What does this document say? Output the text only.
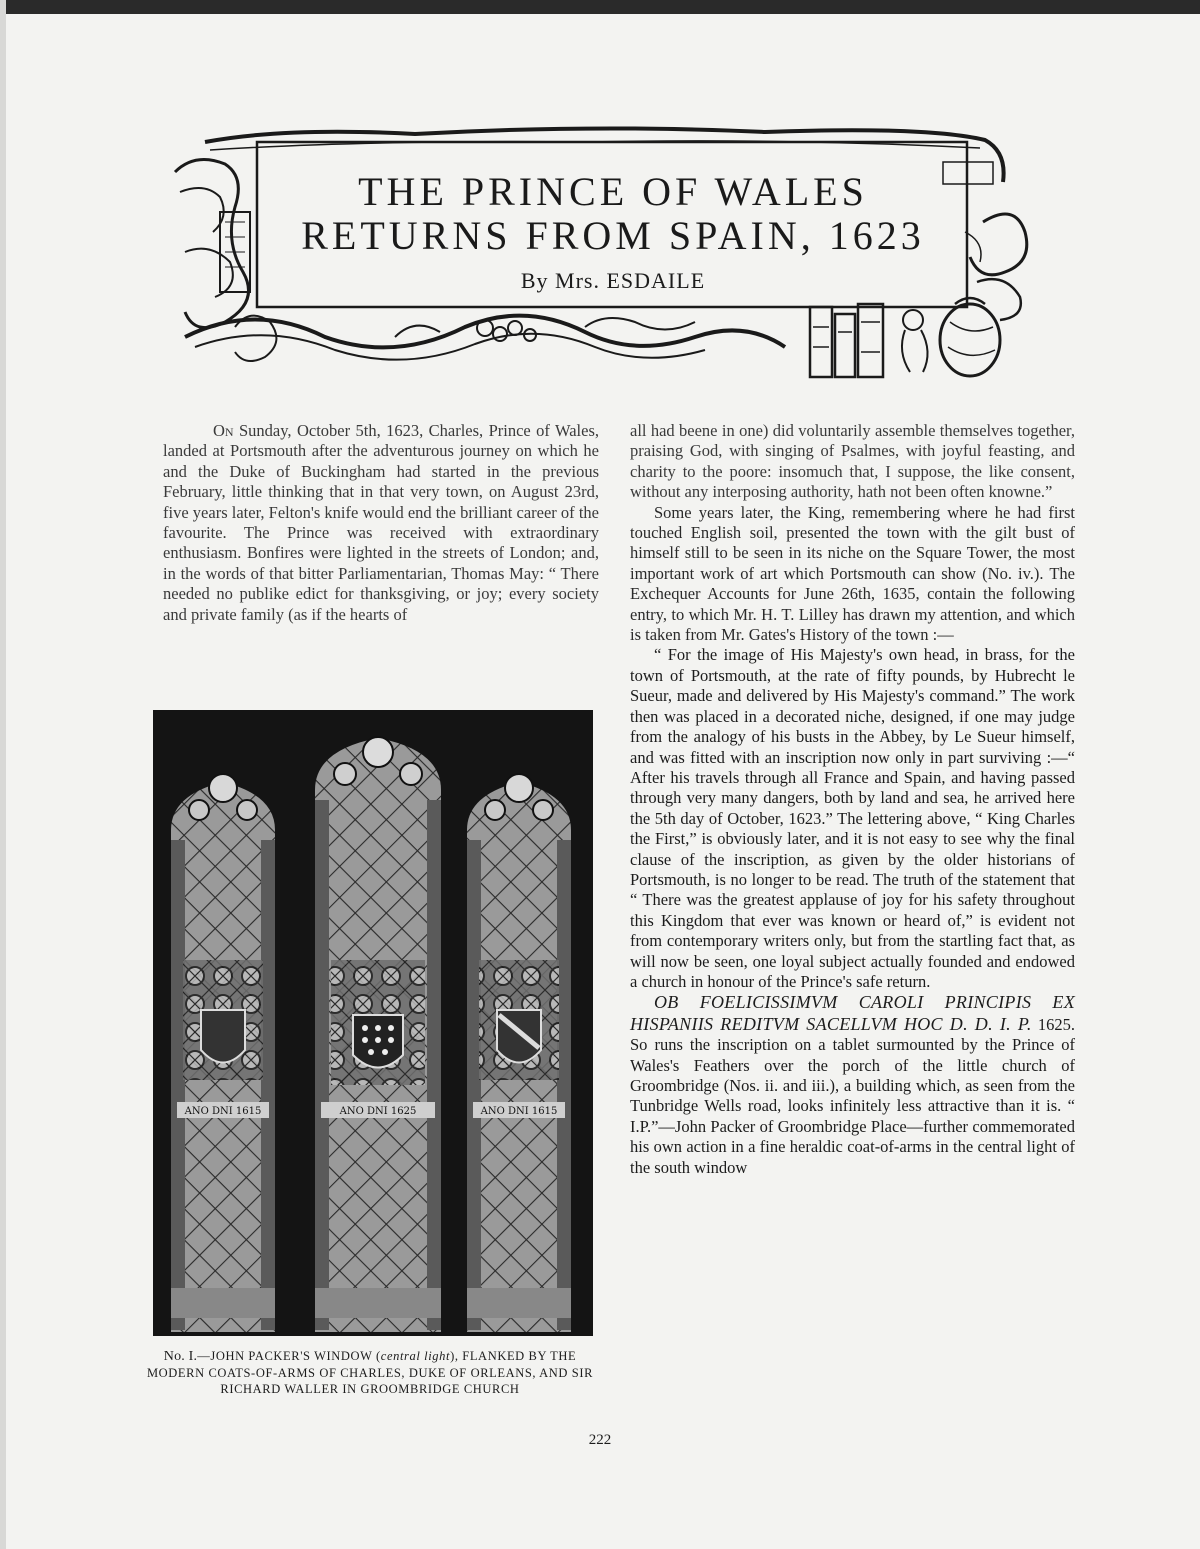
THE PRINCE OF WALES
RETURNS FROM SPAIN, 1623
By Mrs. ESDAILE

On Sunday, October 5th, 1623, Charles, Prince of Wales, landed at Portsmouth after the adventurous journey on which he and the Duke of Buckingham had started in the previous February, little thinking that in that very town, on August 23rd, five years later, Felton's knife would end the brilliant career of the favourite. The Prince was received with extraordinary enthusiasm. Bonfires were lighted in the streets of London; and, in the words of that bitter Parliamentarian, Thomas May: “ There needed no publike edict for thanksgiving, or joy; every society and private family (as if the hearts of

ANO DNI 1615	ANO DNI 1625	ANO DNI 1615
No. I.—JOHN PACKER'S WINDOW (central light), FLANKED BY THE MODERN COATS-OF-ARMS OF CHARLES, DUKE OF ORLEANS, AND SIR RICHARD WALLER IN GROOMBRIDGE CHURCH

all had beene in one) did voluntarily assemble themselves together, praising God, with singing of Psalmes, with joyful feasting, and charity to the poore: insomuch that, I suppose, the like consent, without any interposing authority, hath not been often knowne.”

Some years later, the King, remembering where he had first touched English soil, presented the town with the gilt bust of himself still to be seen in its niche on the Square Tower, the most important work of art which Portsmouth can show (No. iv.). The Exchequer Accounts for June 26th, 1635, contain the following entry, to which Mr. H. T. Lilley has drawn my attention, and which is taken from Mr. Gates's History of the town :—

“ For the image of His Majesty's own head, in brass, for the town of Portsmouth, at the rate of fifty pounds, by Hubrecht le Sueur, made and delivered by His Majesty's command.” The work then was placed in a decorated niche, designed, if one may judge from the analogy of his busts in the Abbey, by Le Sueur himself, and was fitted with an inscription now only in part surviving :—“ After his travels through all France and Spain, and having passed through very many dangers, both by land and sea, he arrived here the 5th day of October, 1623.” The lettering above, “ King Charles the First,” is obviously later, and it is not easy to see why the final clause of the inscription, as given by the older historians of Portsmouth, is no longer to be read. The truth of the statement that “ There was the greatest applause of joy for his safety throughout this Kingdom that ever was known or heard of,” is evident not from contemporary writers only, but from the startling fact that, as will now be seen, one loyal subject actually founded and endowed a church in honour of the Prince's safe return.

OB FOELICISSIMVM CAROLI PRINCIPIS EX HISPANIIS REDITVM SACELLVM HOC D. D. I. P. 1625. So runs the inscription on a tablet surmounted by the Prince of Wales's Feathers over the porch of the little church of Groombridge (Nos. ii. and iii.), a building which, as seen from the Tunbridge Wells road, looks infinitely less attractive than it is. “ I.P.”—John Packer of Groombridge Place—further commemorated his own action in a fine heraldic coat-of-arms in the central light of the south window

222
